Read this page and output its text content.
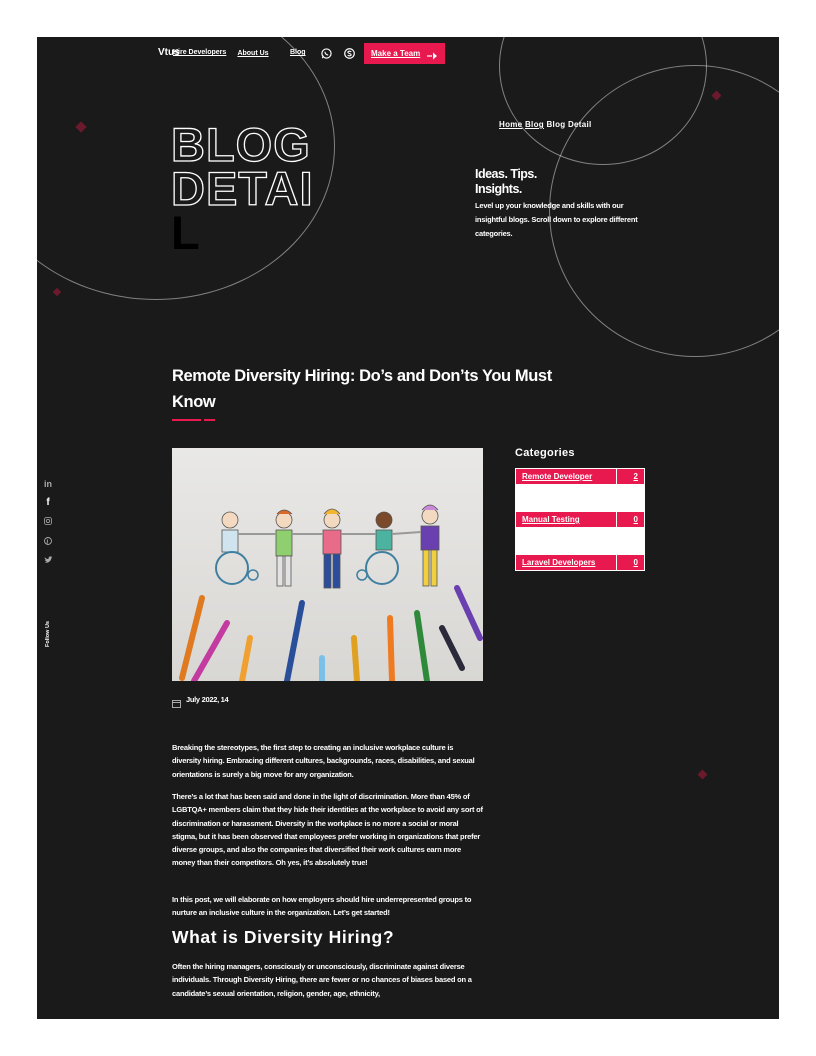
Vtus
Hire Developers About Us	Blog	Make a Team
Home Blog Blog Detail
BLOG
DETAI
L
Ideas. Tips. Insights.
Level up your knowledge and skills with our insightful blogs. Scroll down to explore different categories.
Remote Diversity Hiring: Do’s and Don’ts You Must Know
July 2022, 14
Breaking the stereotypes, the first step to creating an inclusive workplace culture is diversity hiring. Embracing different cultures, backgrounds, races, disabilities, and sexual orientations is surely a big move for any organization.
There’s a lot that has been said and done in the light of discrimination. More than 45% of LGBTQA+ members claim that they hide their identities at the workplace to avoid any sort of discrimination or harassment. Diversity in the workplace is no more a social or moral stigma, but it has been observed that employees prefer working in organizations that prefer diverse groups, and also the companies that diversified their work cultures earn more money than their competitors. Oh yes, it’s absolutely true!
In this post, we will elaborate on how employers should hire underrepresented groups to nurture an inclusive culture in the organization. Let’s get started!
What is Diversity Hiring?
Often the hiring managers, consciously or unconsciously, discriminate against diverse individuals. Through Diversity Hiring, there are fewer or no chances of biases based on a candidate’s sexual orientation, religion, gender, age, ethnicity,
Categories
Remote Developer	2

Manual Testing	0

Laravel Developers	0
in
f
Follow Us
